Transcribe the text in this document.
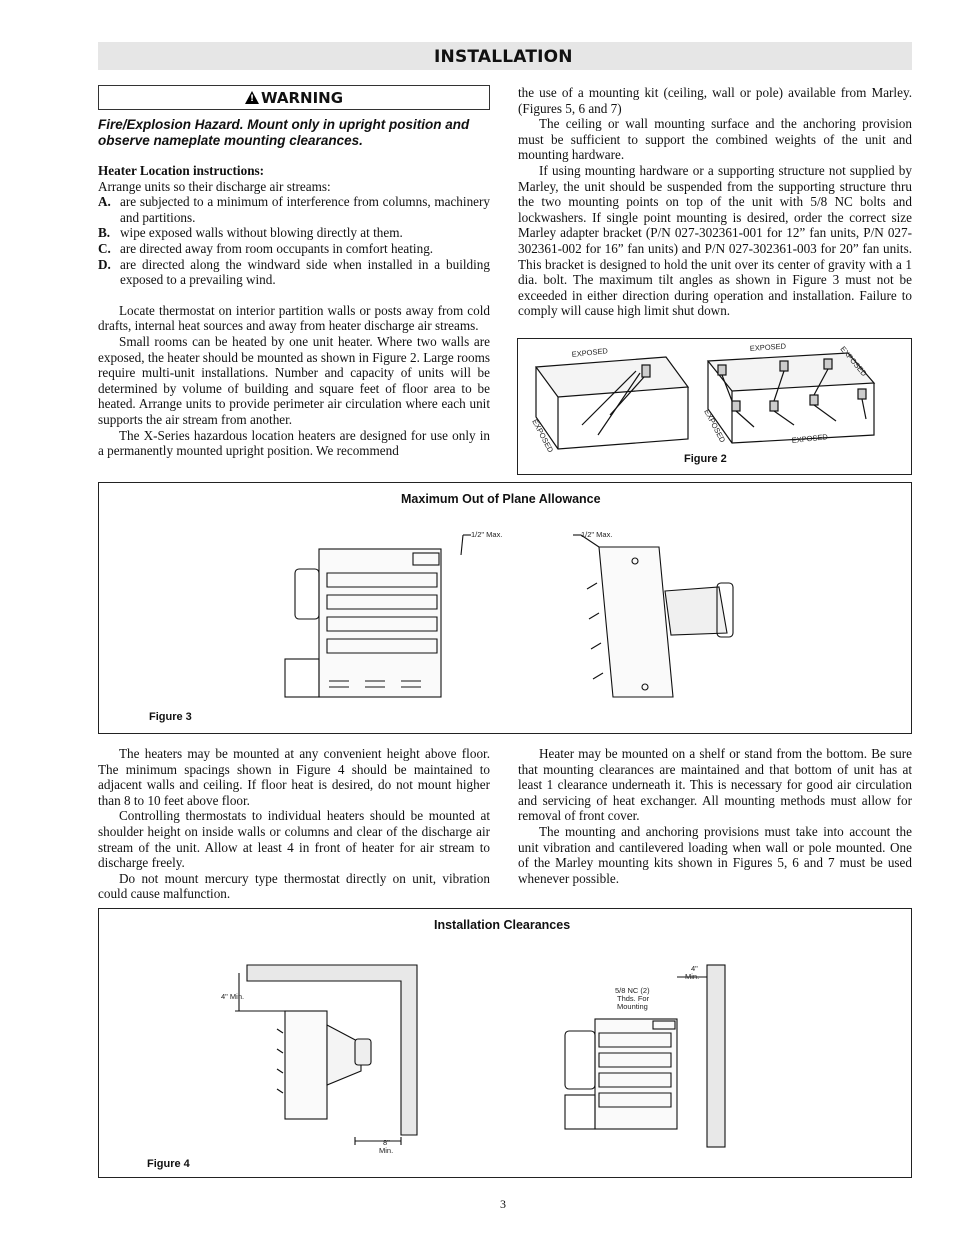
INSTALLATION
! WARNING
Fire/Explosion Hazard. Mount only in upright position and observe nameplate mounting clearances.

Heater Location instructions:

Arrange units so their discharge air streams:

A. are subjected to a minimum of interference from columns, machinery and partitions.
B. wipe exposed walls without blowing directly at them.
C. are directed away from room occupants in comfort heating.
D. are directed along the windward side when installed in a building exposed to a prevailing wind.

Locate thermostat on interior partition walls or posts away from cold drafts, internal heat sources and away from heater discharge air streams.

Small rooms can be heated by one unit heater. Where two walls are exposed, the heater should be mounted as shown in Figure 2. Large rooms require multi-unit installations. Number and capacity of units will be determined by volume of building and square feet of floor area to be heated. Arrange units to provide perimeter air circulation where each unit supports the air stream from another.

The X-Series hazardous location heaters are designed for use only in a permanently mounted upright position. We recommend

the use of a mounting kit (ceiling, wall or pole) available from Marley. (Figures 5, 6 and 7)

The ceiling or wall mounting surface and the anchoring provision must be sufficient to support the combined weights of the unit and mounting hardware.

If using mounting hardware or a supporting structure not supplied by Marley, the unit should be suspended from the supporting structure thru the two mounting points on top of the unit with 5/8 NC bolts and lockwashers. If single point mounting is desired, order the correct size Marley adapter bracket (P/N 027-302361-001 for 12” fan units, P/N 027-302361-002 for 16” fan units) and P/N 027-302361-003 for 20” fan units. This bracket is designed to hold the unit over its center of gravity with a 1 dia. bolt. The maximum tilt angles as shown in Figure 3 must not be exceeded in either direction during operation and installation. Failure to comply will cause high limit shut down.

EXPOSED
EXPOSED
EXPOSED	EXPOSED
EXPOSED	EXPOSED
Figure 2
Maximum Out of Plane Allowance
1/2" Max.	1/2" Max.
Figure 3

The heaters may be mounted at any convenient height above floor. The minimum spacings shown in Figure 4 should be maintained to adjacent walls and ceiling. If floor heat is desired, do not mount higher than 8 to 10 feet above floor.

Controlling thermostats to individual heaters should be mounted at shoulder height on inside walls or columns and clear of the discharge air stream of the unit. Allow at least 4 in front of heater for air stream to discharge freely.

Do not mount mercury type thermostat directly on unit, vibration could cause malfunction.

Heater may be mounted on a shelf or stand from the bottom. Be sure that mounting clearances are maintained and that bottom of unit has at least 1 clearance underneath it. This is necessary for good air circulation and servicing of heat exchanger. All mounting methods must allow for removal of front cover.

The mounting and anchoring provisions must take into account the unit vibration and cantilevered loading when wall or pole mounted. One of the Marley mounting kits shown in Figures 5, 6 and 7 must be used whenever possible.

Installation Clearances
4" Min.
8"
Min.
4"
Min.
5/8 NC (2)
Thds. For
Mounting
Figure 4
3
